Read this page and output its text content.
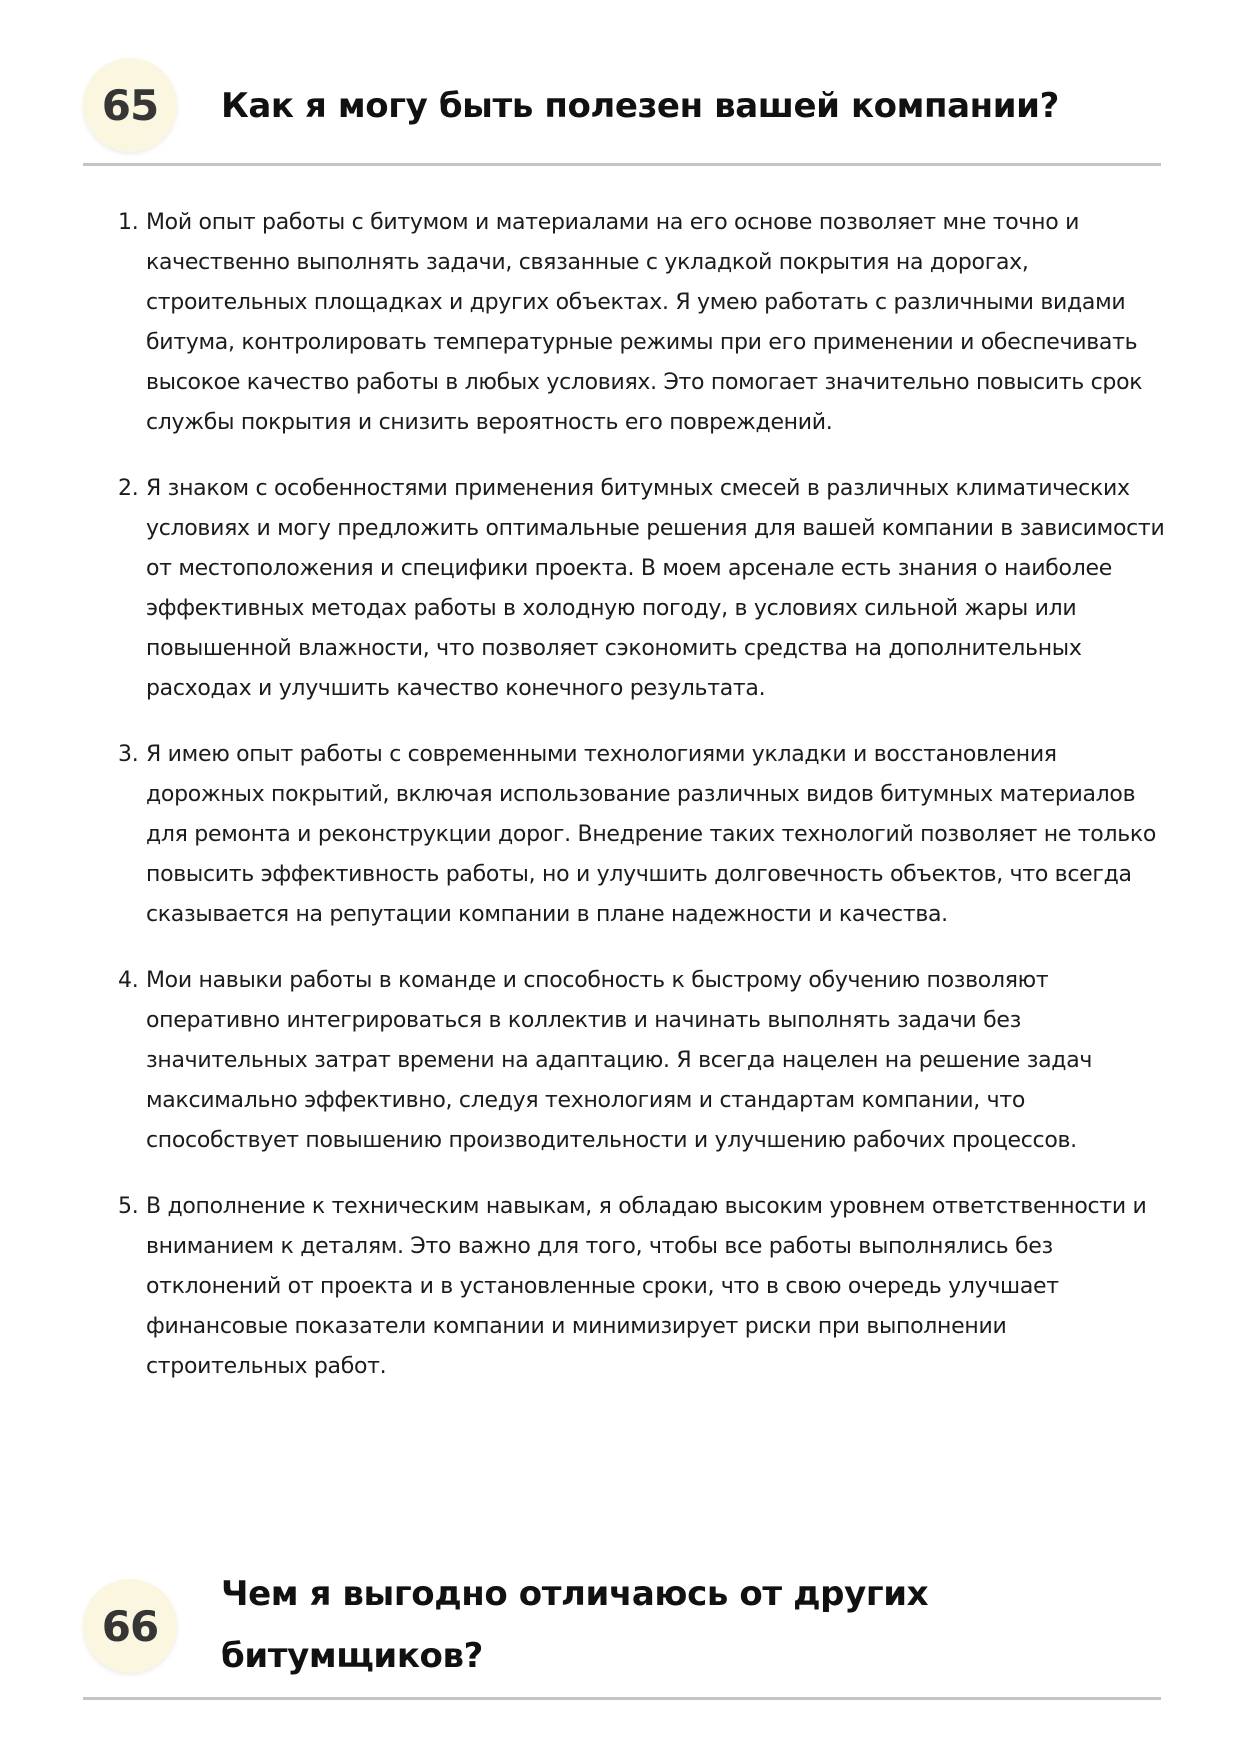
65	Как я могу быть полезен вашей компании?
1. Мой опыт работы с битумом и материалами на его основе позволяет мне точно и качественно выполнять задачи, связанные с укладкой покрытия на дорогах, строительных площадках и других объектах. Я умею работать с различными видами битума, контролировать температурные режимы при его применении и обеспечивать высокое качество работы в любых условиях. Это помогает значительно повысить срок службы покрытия и снизить вероятность его повреждений.
2. Я знаком с особенностями применения битумных смесей в различных климатических условиях и могу предложить оптимальные решения для вашей компании в зависимости от местоположения и специфики проекта. В моем арсенале есть знания о наиболее эффективных методах работы в холодную погоду, в условиях сильной жары или повышенной влажности, что позволяет сэкономить средства на дополнительных расходах и улучшить качество конечного результата.
3. Я имею опыт работы с современными технологиями укладки и восстановления дорожных покрытий, включая использование различных видов битумных материалов для ремонта и реконструкции дорог. Внедрение таких технологий позволяет не только повысить эффективность работы, но и улучшить долговечность объектов, что всегда сказывается на репутации компании в плане надежности и качества.
4. Мои навыки работы в команде и способность к быстрому обучению позволяют оперативно интегрироваться в коллектив и начинать выполнять задачи без значительных затрат времени на адаптацию. Я всегда нацелен на решение задач максимально эффективно, следуя технологиям и стандартам компании, что способствует повышению производительности и улучшению рабочих процессов.
5. В дополнение к техническим навыкам, я обладаю высоким уровнем ответственности и вниманием к деталям. Это важно для того, чтобы все работы выполнялись без отклонений от проекта и в установленные сроки, что в свою очередь улучшает финансовые показатели компании и минимизирует риски при выполнении строительных работ.
66
Чем я выгодно отличаюсь от других
битумщиков?
